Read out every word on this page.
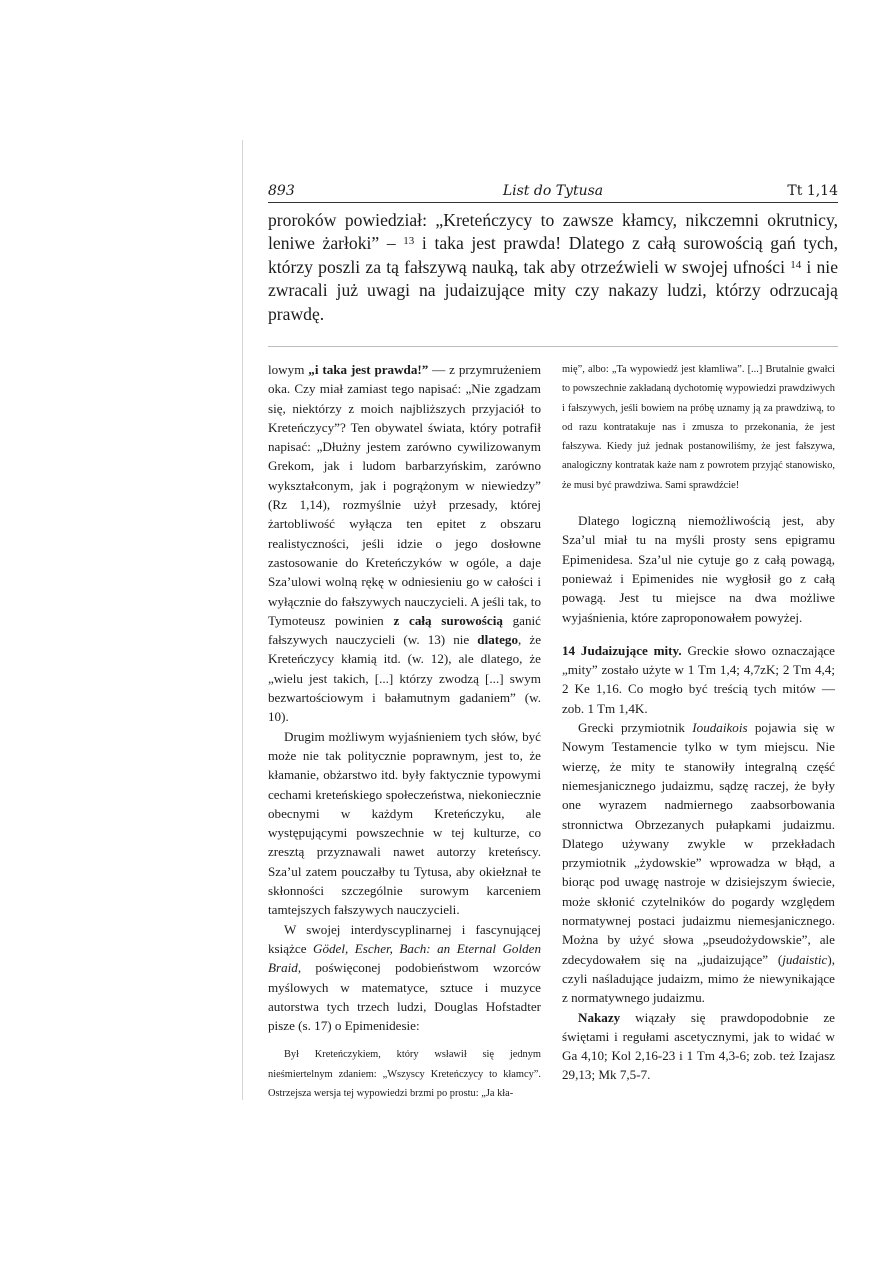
893	List do Tytusa	Tt 1,14
proroków powiedział: „Kreteńczycy to zawsze kłamcy, nikczemni okrutnicy, leniwe żarłoki” – $^{13}$ i taka jest prawda! Dlatego z całą surowością gań tych, którzy poszli za tą fałszywą nauką, tak aby otrzeźwieli w swojej ufności $^{14}$ i nie zwracali już uwagi na judaizujące mity czy nakazy ludzi, którzy odrzucają prawdę.

lowym „i taka jest prawda!” — z przymrużeniem oka. Czy miał zamiast tego napisać: „Nie zgadzam się, niektórzy z moich najbliższych przyjaciół to Kreteńczycy”? Ten obywatel świata, który potrafił napisać: „Dłużny jestem zarówno cywilizowanym Grekom, jak i ludom barbarzyńskim, zarówno wykształconym, jak i pogrążonym w niewiedzy” (Rz 1,14), rozmyślnie użył przesady, której żartobliwość wyłącza ten epitet z obszaru realistyczności, jeśli idzie o jego dosłowne zastosowanie do Kreteńczyków w ogóle, a daje Sza’ulowi wolną rękę w odniesieniu go w całości i wyłącznie do fałszywych nauczycieli. A jeśli tak, to Tymoteusz powinien z całą surowością ganić fałszywych nauczycieli (w. 13) nie dlatego, że Kreteńczycy kłamią itd. (w. 12), ale dlatego, że „wielu jest takich, [...] którzy zwodzą [...] swym bezwartościowym i bałamutnym gadaniem” (w. 10).

Drugim możliwym wyjaśnieniem tych słów, być może nie tak politycznie poprawnym, jest to, że kłamanie, obżarstwo itd. były faktycznie typowymi cechami kreteńskiego społeczeństwa, niekoniecznie obecnymi w każdym Kreteńczyku, ale występującymi powszechnie w tej kulturze, co zresztą przyznawali nawet autorzy kreteńscy. Sza’ul zatem pouczałby tu Tytusa, aby okiełznał te skłonności szczególnie surowym karceniem tamtejszych fałszywych nauczycieli.

W swojej interdyscyplinarnej i fascynującej książce Gödel, Escher, Bach: an Eternal Golden Braid, poświęconej podobieństwom wzorców myślowych w matematyce, sztuce i muzyce autorstwa tych trzech ludzi, Douglas Hofstadter pisze (s. 17) o Epimenidesie:

Był Kreteńczykiem, który wsławił się jednym nieśmiertelnym zdaniem: „Wszyscy Kreteńczycy to kłamcy”. Ostrzejsza wersja tej wypowiedzi brzmi po prostu: „Ja kła-

mię”, albo: „Ta wypowiedź jest kłamliwa”. [...] Brutalnie gwałci to powszechnie zakładaną dychotomię wypowiedzi prawdziwych i fałszywych, jeśli bowiem na próbę uznamy ją za prawdziwą, to od razu kontratakuje nas i zmusza to przekonania, że jest fałszywa. Kiedy już jednak postanowiliśmy, że jest fałszywa, analogiczny kontratak każe nam z powrotem przyjąć stanowisko, że musi być prawdziwa. Sami sprawdźcie!

Dlatego logiczną niemożliwością jest, aby Sza’ul miał tu na myśli prosty sens epigramu Epimenidesa. Sza’ul nie cytuje go z całą powagą, ponieważ i Epimenides nie wygłosił go z całą powagą. Jest tu miejsce na dwa możliwe wyjaśnienia, które zaproponowałem powyżej.

14 Judaizujące mity. Greckie słowo oznaczające „mity” zostało użyte w 1 Tm 1,4; 4,7zK; 2 Tm 4,4; 2 Ke 1,16. Co mogło być treścią tych mitów — zob. 1 Tm 1,4K.

Grecki przymiotnik Ioudaikois pojawia się w Nowym Testamencie tylko w tym miejscu. Nie wierzę, że mity te stanowiły integralną część niemesjanicznego judaizmu, sądzę raczej, że były one wyrazem nadmiernego zaabsorbowania stronnictwa Obrzezanych pułapkami judaizmu. Dlatego używany zwykle w przekładach przymiotnik „żydowskie” wprowadza w błąd, a biorąc pod uwagę nastroje w dzisiejszym świecie, może skłonić czytelników do pogardy względem normatywnej postaci judaizmu niemesjanicznego. Można by użyć słowa „pseudożydowskie”, ale zdecydowałem się na „judaizujące” (judaistic), czyli naśladujące judaizm, mimo że niewynikające z normatywnego judaizmu.

Nakazy wiązały się prawdopodobnie ze świętami i regułami ascetycznymi, jak to widać w Ga 4,10; Kol 2,16-23 i 1 Tm 4,3-6; zob. też Izajasz 29,13; Mk 7,5-7.
